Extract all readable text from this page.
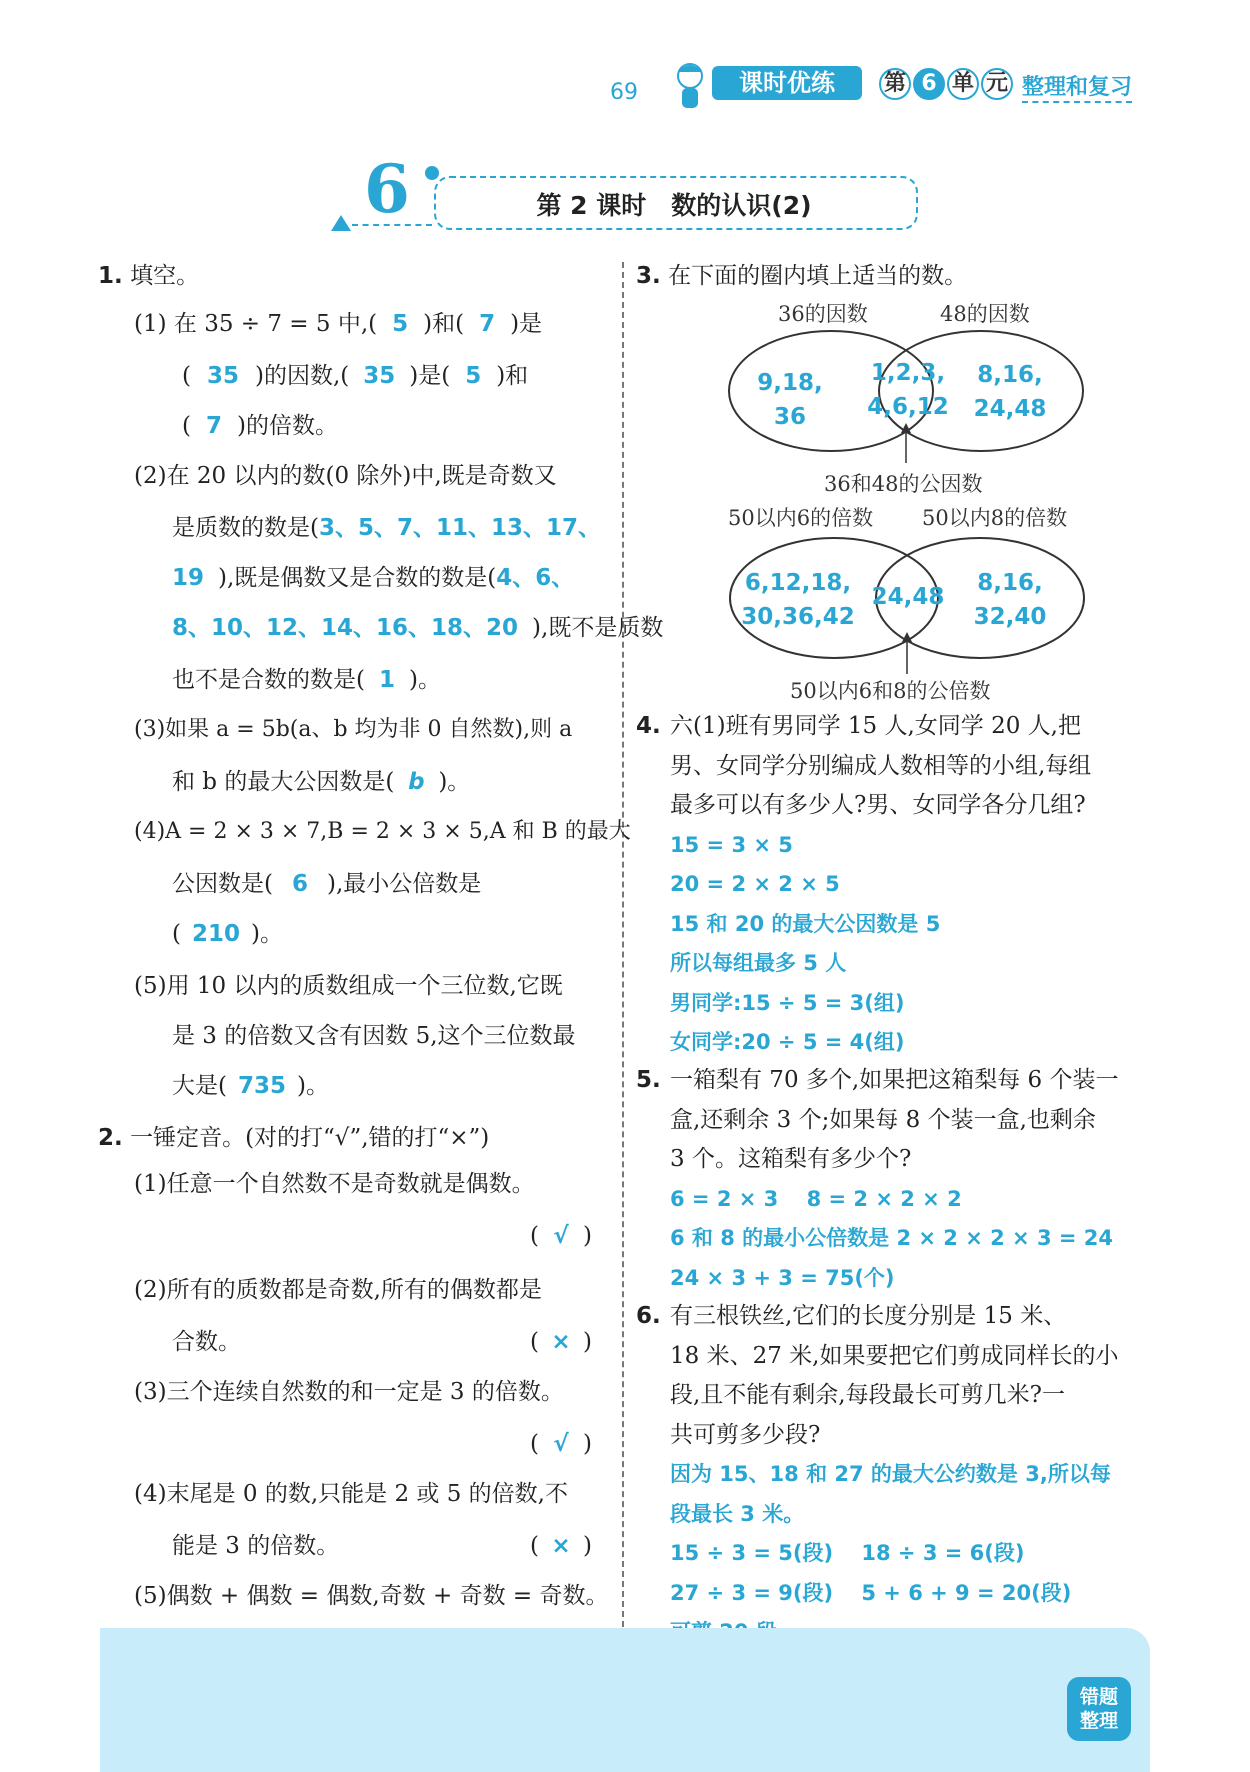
69	课时优练	第 6 单 元 整理和复习
6	第 2 课时　数的认识(2)
1. 填空。
(1) 在 35 ÷ 7 = 5 中,( 5 )和( 7 )是
( 35 )的因数,( 35 )是( 5 )和
( 7 )的倍数。
(2)在 20 以内的数(0 除外)中,既是奇数又
是质数的数是(3、5、7、11、13、17、
19 ),既是偶数又是合数的数是(4、6、
8、10、12、14、16、18、20 ),既不是质数
也不是合数的数是( 1 )。
(3)如果 a = 5b(a、b 均为非 0 自然数),则 a
和 b 的最大公因数是( b )。
(4)A = 2 × 3 × 7,B = 2 × 3 × 5,A 和 B 的最大
公因数是( 6 ),最小公倍数是
( 210 )。
(5)用 10 以内的质数组成一个三位数,它既
是 3 的倍数又含有因数 5,这个三位数最
大是( 735 )。
2. 一锤定音。(对的打“√”,错的打“×”)
(1)任意一个自然数不是奇数就是偶数。
( √ )
(2)所有的质数都是奇数,所有的偶数都是
合数。	( × )
(3)三个连续自然数的和一定是 3 的倍数。
( √ )
(4)末尾是 0 的数,只能是 2 或 5 的倍数,不
能是 3 的倍数。	( × )
(5)偶数 + 偶数 = 偶数,奇数 + 奇数 = 奇数。
3. 在下面的圈内填上适当的数。
36的因数	48的因数
9,18,
36
1,2,3,
4,6,12
8,16,
24,48
36和48的公因数
50以内6的倍数 50以内8的倍数
6,12,18,
30,36,42
24,48
8,16,
32,40
50以内6和8的公倍数
4. 六(1)班有男同学 15 人,女同学 20 人,把
男、女同学分别编成人数相等的小组,每组
最多可以有多少人?男、女同学各分几组?
15 = 3 × 5
20 = 2 × 2 × 5
15 和 20 的最大公因数是 5
所以每组最多 5 人
男同学:15 ÷ 5 = 3(组)
女同学:20 ÷ 5 = 4(组)
5. 一箱梨有 70 多个,如果把这箱梨每 6 个装一
盒,还剩余 3 个;如果每 8 个装一盒,也剩余
3 个。这箱梨有多少个?
6 = 2 × 3　 8 = 2 × 2 × 2
6 和 8 的最小公倍数是 2 × 2 × 2 × 3 = 24
24 × 3 + 3 = 75(个)
6. 有三根铁丝,它们的长度分别是 15 米、
18 米、27 米,如果要把它们剪成同样长的小
段,且不能有剩余,每段最长可剪几米?一
共可剪多少段?
因为 15、18 和 27 的最大公约数是 3,所以每
段最长 3 米。
15 ÷ 3 = 5(段)　 18 ÷ 3 = 6(段)
27 ÷ 3 = 9(段)　 5 + 6 + 9 = 20(段)
错题
整理
